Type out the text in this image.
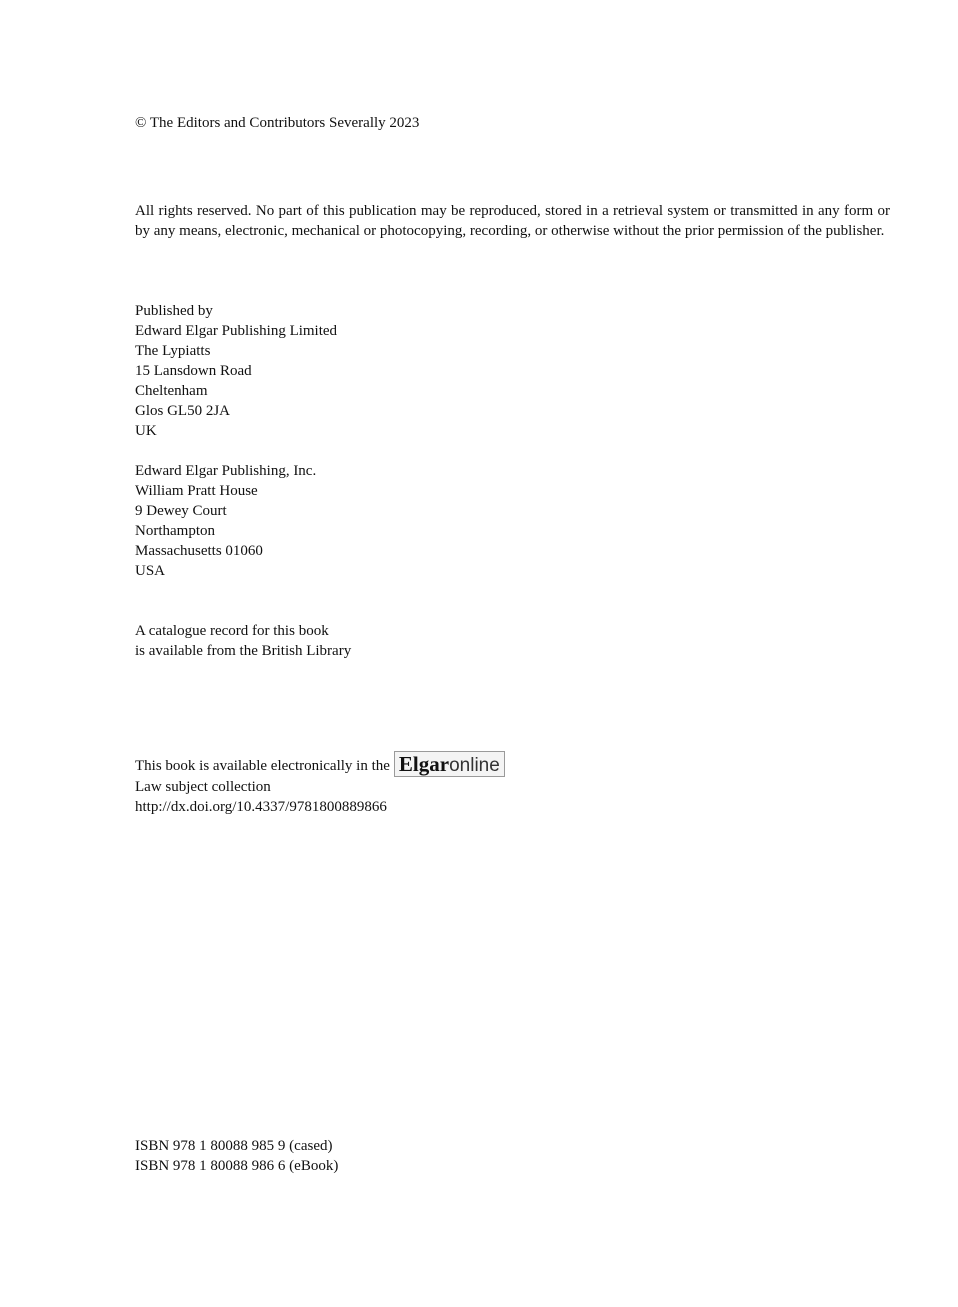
© The Editors and Contributors Severally 2023
All rights reserved. No part of this publication may be reproduced, stored in a retrieval system or transmitted in any form or by any means, electronic, mechanical or photocopying, recording, or otherwise without the prior permission of the publisher.
Published by
Edward Elgar Publishing Limited
The Lypiatts
15 Lansdown Road
Cheltenham
Glos GL50 2JA
UK
Edward Elgar Publishing, Inc.
William Pratt House
9 Dewey Court
Northampton
Massachusetts 01060
USA
A catalogue record for this book
is available from the British Library
This book is available electronically in the Elgaronline
Law subject collection
http://dx.doi.org/10.4337/9781800889866
ISBN 978 1 80088 985 9 (cased)
ISBN 978 1 80088 986 6 (eBook)
